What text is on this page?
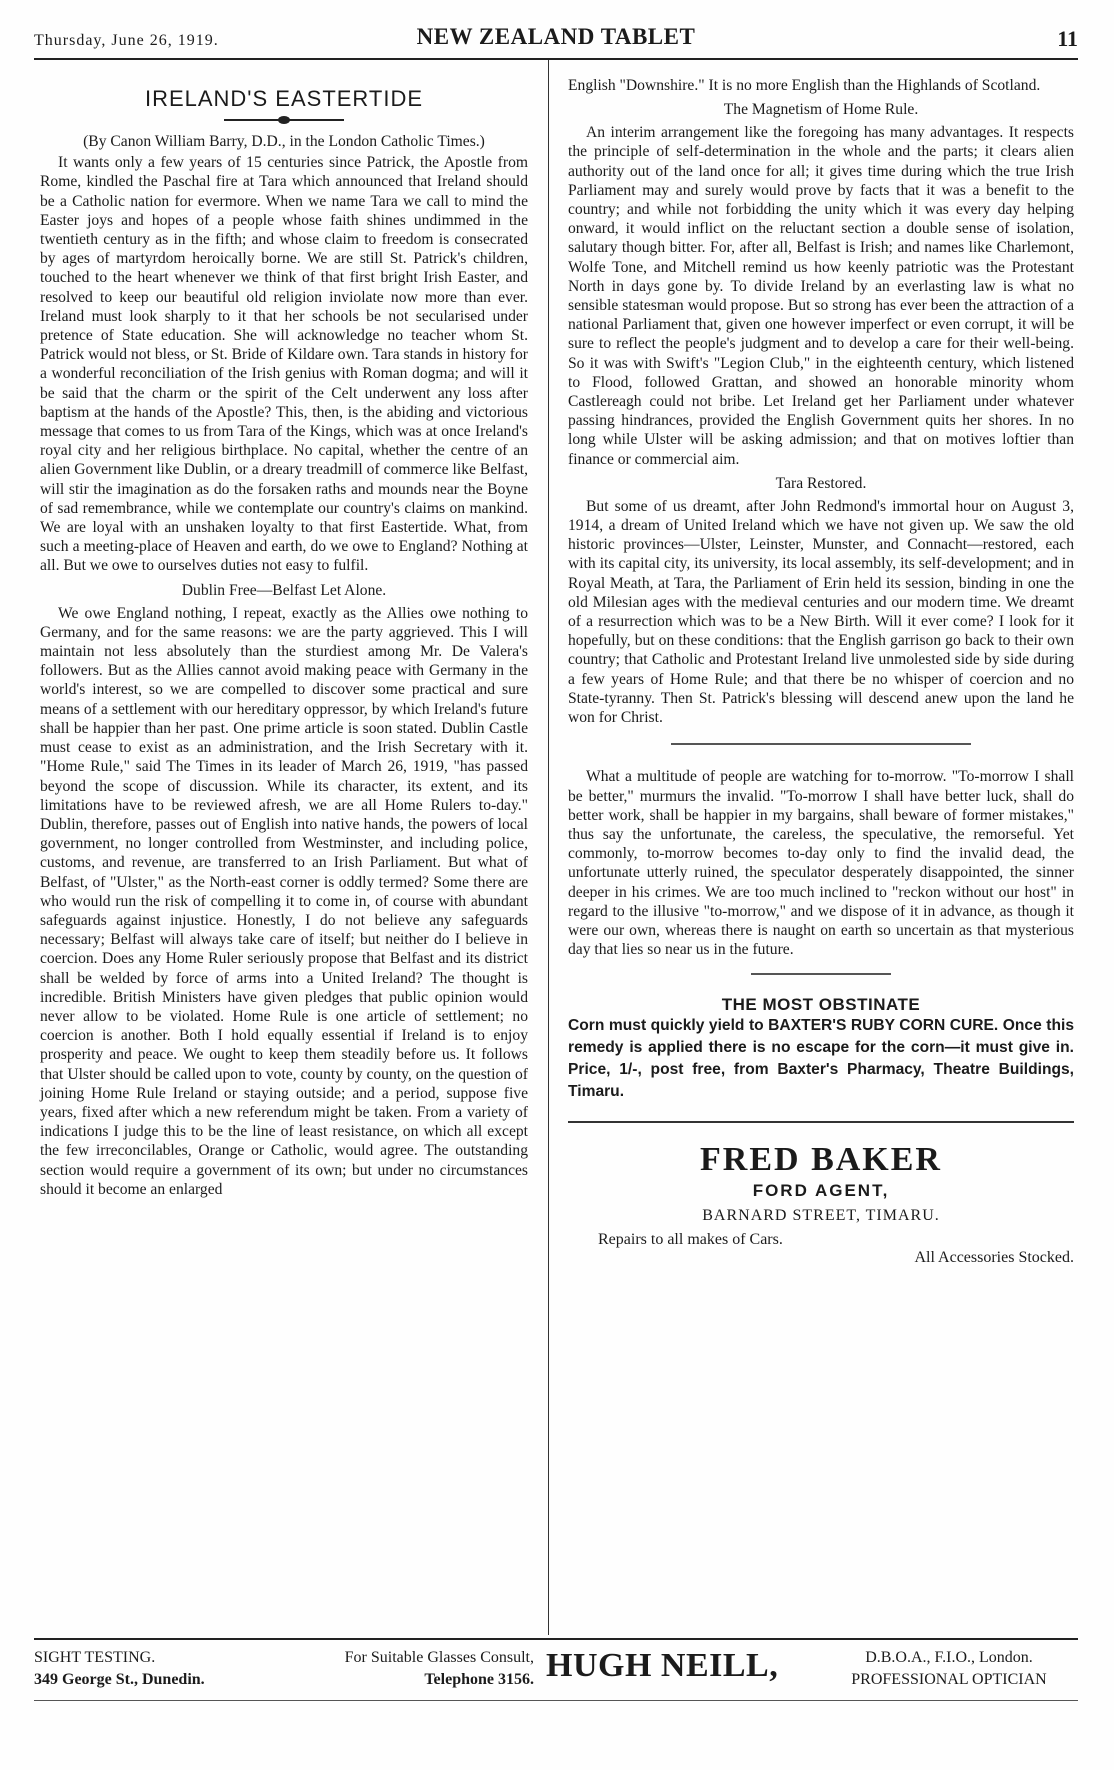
Thursday, June 26, 1919.	NEW ZEALAND TABLET	11
IRELAND'S EASTERTIDE
(By Canon William Barry, D.D., in the London Catholic Times.)

It wants only a few years of 15 centuries since Patrick, the Apostle from Rome, kindled the Paschal fire at Tara which announced that Ireland should be a Catholic nation for evermore. When we name Tara we call to mind the Easter joys and hopes of a people whose faith shines undimmed in the twentieth century as in the fifth; and whose claim to freedom is consecrated by ages of martyrdom heroically borne. We are still St. Patrick's children, touched to the heart whenever we think of that first bright Irish Easter, and resolved to keep our beautiful old religion inviolate now more than ever. Ireland must look sharply to it that her schools be not secularised under pretence of State education. She will acknowledge no teacher whom St. Patrick would not bless, or St. Bride of Kildare own. Tara stands in history for a wonderful reconciliation of the Irish genius with Roman dogma; and will it be said that the charm or the spirit of the Celt underwent any loss after baptism at the hands of the Apostle? This, then, is the abiding and victorious message that comes to us from Tara of the Kings, which was at once Ireland's royal city and her religious birthplace. No capital, whether the centre of an alien Government like Dublin, or a dreary treadmill of commerce like Belfast, will stir the imagination as do the forsaken raths and mounds near the Boyne of sad remembrance, while we contemplate our country's claims on mankind. We are loyal with an unshaken loyalty to that first Eastertide. What, from such a meeting-place of Heaven and earth, do we owe to England? Nothing at all. But we owe to ourselves duties not easy to fulfil.

Dublin Free—Belfast Let Alone.

We owe England nothing, I repeat, exactly as the Allies owe nothing to Germany, and for the same reasons: we are the party aggrieved. This I will maintain not less absolutely than the sturdiest among Mr. De Valera's followers. But as the Allies cannot avoid making peace with Germany in the world's interest, so we are compelled to discover some practical and sure means of a settlement with our hereditary oppressor, by which Ireland's future shall be happier than her past. One prime article is soon stated. Dublin Castle must cease to exist as an administration, and the Irish Secretary with it. "Home Rule," said The Times in its leader of March 26, 1919, "has passed beyond the scope of discussion. While its character, its extent, and its limitations have to be reviewed afresh, we are all Home Rulers to-day." Dublin, therefore, passes out of English into native hands, the powers of local government, no longer controlled from Westminster, and including police, customs, and revenue, are transferred to an Irish Parliament. But what of Belfast, of "Ulster," as the North-east corner is oddly termed? Some there are who would run the risk of compelling it to come in, of course with abundant safeguards against injustice. Honestly, I do not believe any safeguards necessary; Belfast will always take care of itself; but neither do I believe in coercion. Does any Home Ruler seriously propose that Belfast and its district shall be welded by force of arms into a United Ireland? The thought is incredible. British Ministers have given pledges that public opinion would never allow to be violated. Home Rule is one article of settlement; no coercion is another. Both I hold equally essential if Ireland is to enjoy prosperity and peace. We ought to keep them steadily before us. It follows that Ulster should be called upon to vote, county by county, on the question of joining Home Rule Ireland or staying outside; and a period, suppose five years, fixed after which a new referendum might be taken. From a variety of indications I judge this to be the line of least resistance, on which all except the few irreconcilables, Orange or Catholic, would agree. The outstanding section would require a government of its own; but under no circumstances should it become an enlarged

English "Downshire." It is no more English than the Highlands of Scotland.

The Magnetism of Home Rule.

An interim arrangement like the foregoing has many advantages. It respects the principle of self-determination in the whole and the parts; it clears alien authority out of the land once for all; it gives time during which the true Irish Parliament may and surely would prove by facts that it was a benefit to the country; and while not forbidding the unity which it was every day helping onward, it would inflict on the reluctant section a double sense of isolation, salutary though bitter. For, after all, Belfast is Irish; and names like Charlemont, Wolfe Tone, and Mitchell remind us how keenly patriotic was the Protestant North in days gone by. To divide Ireland by an everlasting law is what no sensible statesman would propose. But so strong has ever been the attraction of a national Parliament that, given one however imperfect or even corrupt, it will be sure to reflect the people's judgment and to develop a care for their well-being. So it was with Swift's "Legion Club," in the eighteenth century, which listened to Flood, followed Grattan, and showed an honorable minority whom Castlereagh could not bribe. Let Ireland get her Parliament under whatever passing hindrances, provided the English Government quits her shores. In no long while Ulster will be asking admission; and that on motives loftier than finance or commercial aim.

Tara Restored.

But some of us dreamt, after John Redmond's immortal hour on August 3, 1914, a dream of United Ireland which we have not given up. We saw the old historic provinces—Ulster, Leinster, Munster, and Connacht—restored, each with its capital city, its university, its local assembly, its self-development; and in Royal Meath, at Tara, the Parliament of Erin held its session, binding in one the old Milesian ages with the medieval centuries and our modern time. We dreamt of a resurrection which was to be a New Birth. Will it ever come? I look for it hopefully, but on these conditions: that the English garrison go back to their own country; that Catholic and Protestant Ireland live unmolested side by side during a few years of Home Rule; and that there be no whisper of coercion and no State-tyranny. Then St. Patrick's blessing will descend anew upon the land he won for Christ.

What a multitude of people are watching for to-morrow. "To-morrow I shall be better," murmurs the invalid. "To-morrow I shall have better luck, shall do better work, shall be happier in my bargains, shall beware of former mistakes," thus say the unfortunate, the careless, the speculative, the remorseful. Yet commonly, to-morrow becomes to-day only to find the invalid dead, the unfortunate utterly ruined, the speculator desperately disappointed, the sinner deeper in his crimes. We are too much inclined to "reckon without our host" in regard to the illusive "to-morrow," and we dispose of it in advance, as though it were our own, whereas there is naught on earth so uncertain as that mysterious day that lies so near us in the future.

THE MOST OBSTINATE
Corn must quickly yield to BAXTER'S RUBY CORN CURE. Once this remedy is applied there is no escape for the corn—it must give in. Price, 1/-, post free, from Baxter's Pharmacy, Theatre Buildings, Timaru.
FRED BAKER
FORD AGENT,
BARNARD STREET, TIMARU.
Repairs to all makes of Cars.
All Accessories Stocked.
SIGHT TESTING.	For Suitable Glasses Consult,
349 George St., Dunedin.	Telephone 3156. HUGH NEILL,	D.B.O.A., F.I.O., London.
PROFESSIONAL OPTICIAN
